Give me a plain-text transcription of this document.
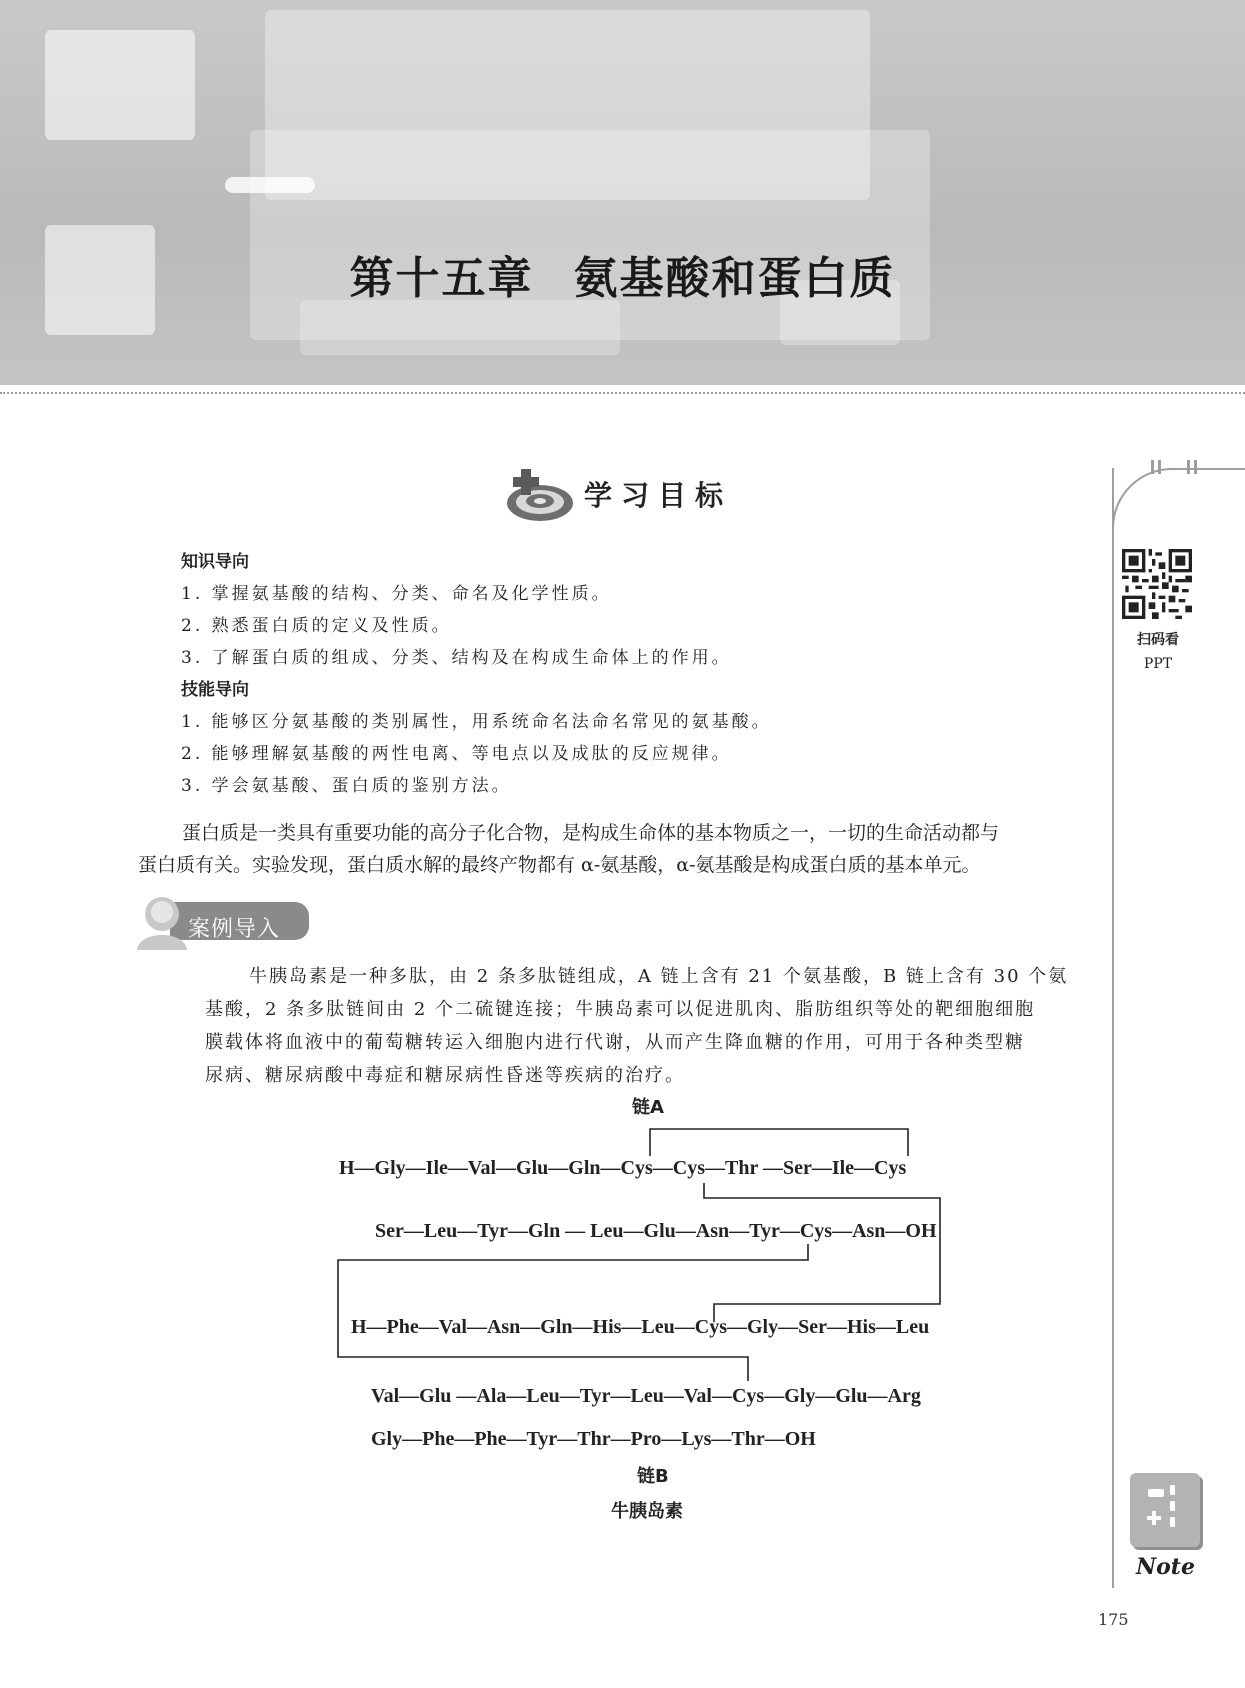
第十五章 氨基酸和蛋白质
扫码看
PPT
Note
175
学习目标
知识导向
1. 掌握氨基酸的结构、分类、命名及化学性质。
2. 熟悉蛋白质的定义及性质。
3. 了解蛋白质的组成、分类、结构及在构成生命体上的作用。
技能导向
1. 能够区分氨基酸的类别属性，用系统命名法命名常见的氨基酸。
2. 能够理解氨基酸的两性电离、等电点以及成肽的反应规律。
3. 学会氨基酸、蛋白质的鉴别方法。
蛋白质是一类具有重要功能的高分子化合物，是构成生命体的基本物质之一，一切的生命活动都与
蛋白质有关。实验发现，蛋白质水解的最终产物都有 α-氨基酸，α-氨基酸是构成蛋白质的基本单元。
案例导入
牛胰岛素是一种多肽，由 2 条多肽链组成，A 链上含有 21 个氨基酸，B 链上含有 30 个氨
基酸，2 条多肽链间由 2 个二硫键连接；牛胰岛素可以促进肌肉、脂肪组织等处的靶细胞细胞
膜载体将血液中的葡萄糖转运入细胞内进行代谢，从而产生降血糖的作用，可用于各种类型糖
尿病、糖尿病酸中毒症和糖尿病性昏迷等疾病的治疗。
链A
H—Gly—Ile—Val—Glu—Gln—Cys—Cys—Thr —Ser—Ile—Cys
Ser—Leu—Tyr—Gln — Leu—Glu—Asn—Tyr—Cys—Asn—OH
H—Phe—Val—Asn—Gln—His—Leu—Cys—Gly—Ser—His—Leu
Val—Glu —Ala—Leu—Tyr—Leu—Val—Cys—Gly—Glu—Arg
Gly—Phe—Phe—Tyr—Thr—Pro—Lys—Thr—OH
链B
牛胰岛素
